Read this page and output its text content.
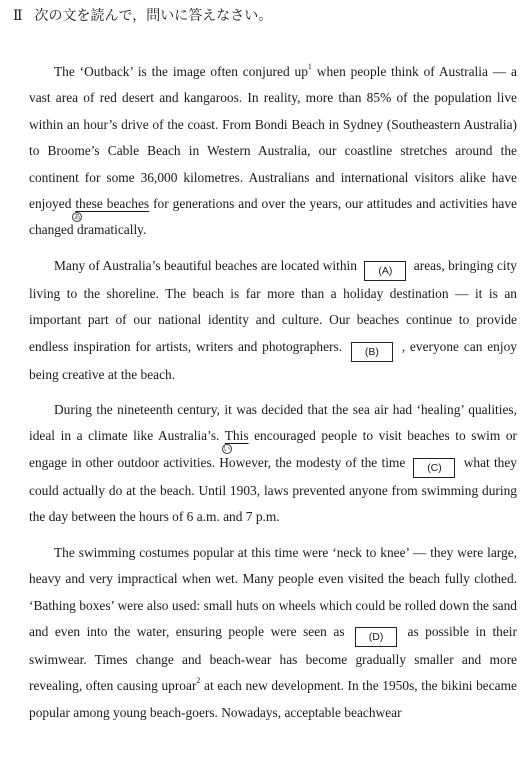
Ⅱ 次の文を読んで，問いに答えなさい。

The ‘Outback’ is the image often conjured up$^1$ when people think of Australia — a vast area of red desert and kangaroos. In reality, more than 85% of the population live within an hour’s drive of the coast. From Bondi Beach in Sydney (Southeastern Australia) to Broome’s Cable Beach in Western Australia, our coastline stretches around the continent for some 36,000 kilometres. Australians and international visitors alike have enjoyed these beaches
あ
for generations and over the years, our attitudes and activities have changed dramatically.

Many of Australia’s beautiful beaches are located within (A) areas, bringing city living to the shoreline. The beach is far more than a holiday destination — it is an important part of our national identity and culture. Our beaches continue to provide endless inspiration for artists, writers and photographers. (B) , everyone can enjoy being creative at the beach.

During the nineteenth century, it was decided that the sea air had ‘healing’ qualities, ideal in a climate like Australia’s. This
い
encouraged people to visit beaches to swim or engage in other outdoor activities. However, the modesty of the time (C) what they could actually do at the beach. Until 1903, laws prevented anyone from swimming during the day between the hours of 6 a.m. and 7 p.m.

The swimming costumes popular at this time were ‘neck to knee’ — they were large, heavy and very impractical when wet. Many people even visited the beach fully clothed. ‘Bathing boxes’ were also used: small huts on wheels which could be rolled down the sand and even into the water, ensuring people were seen as (D) as possible in their swimwear. Times change and beach-wear has become gradually smaller and more revealing, often causing uproar$^2$ at each new development. In the 1950s, the bikini became popular among young beach-goers. Nowadays, acceptable beachwear
